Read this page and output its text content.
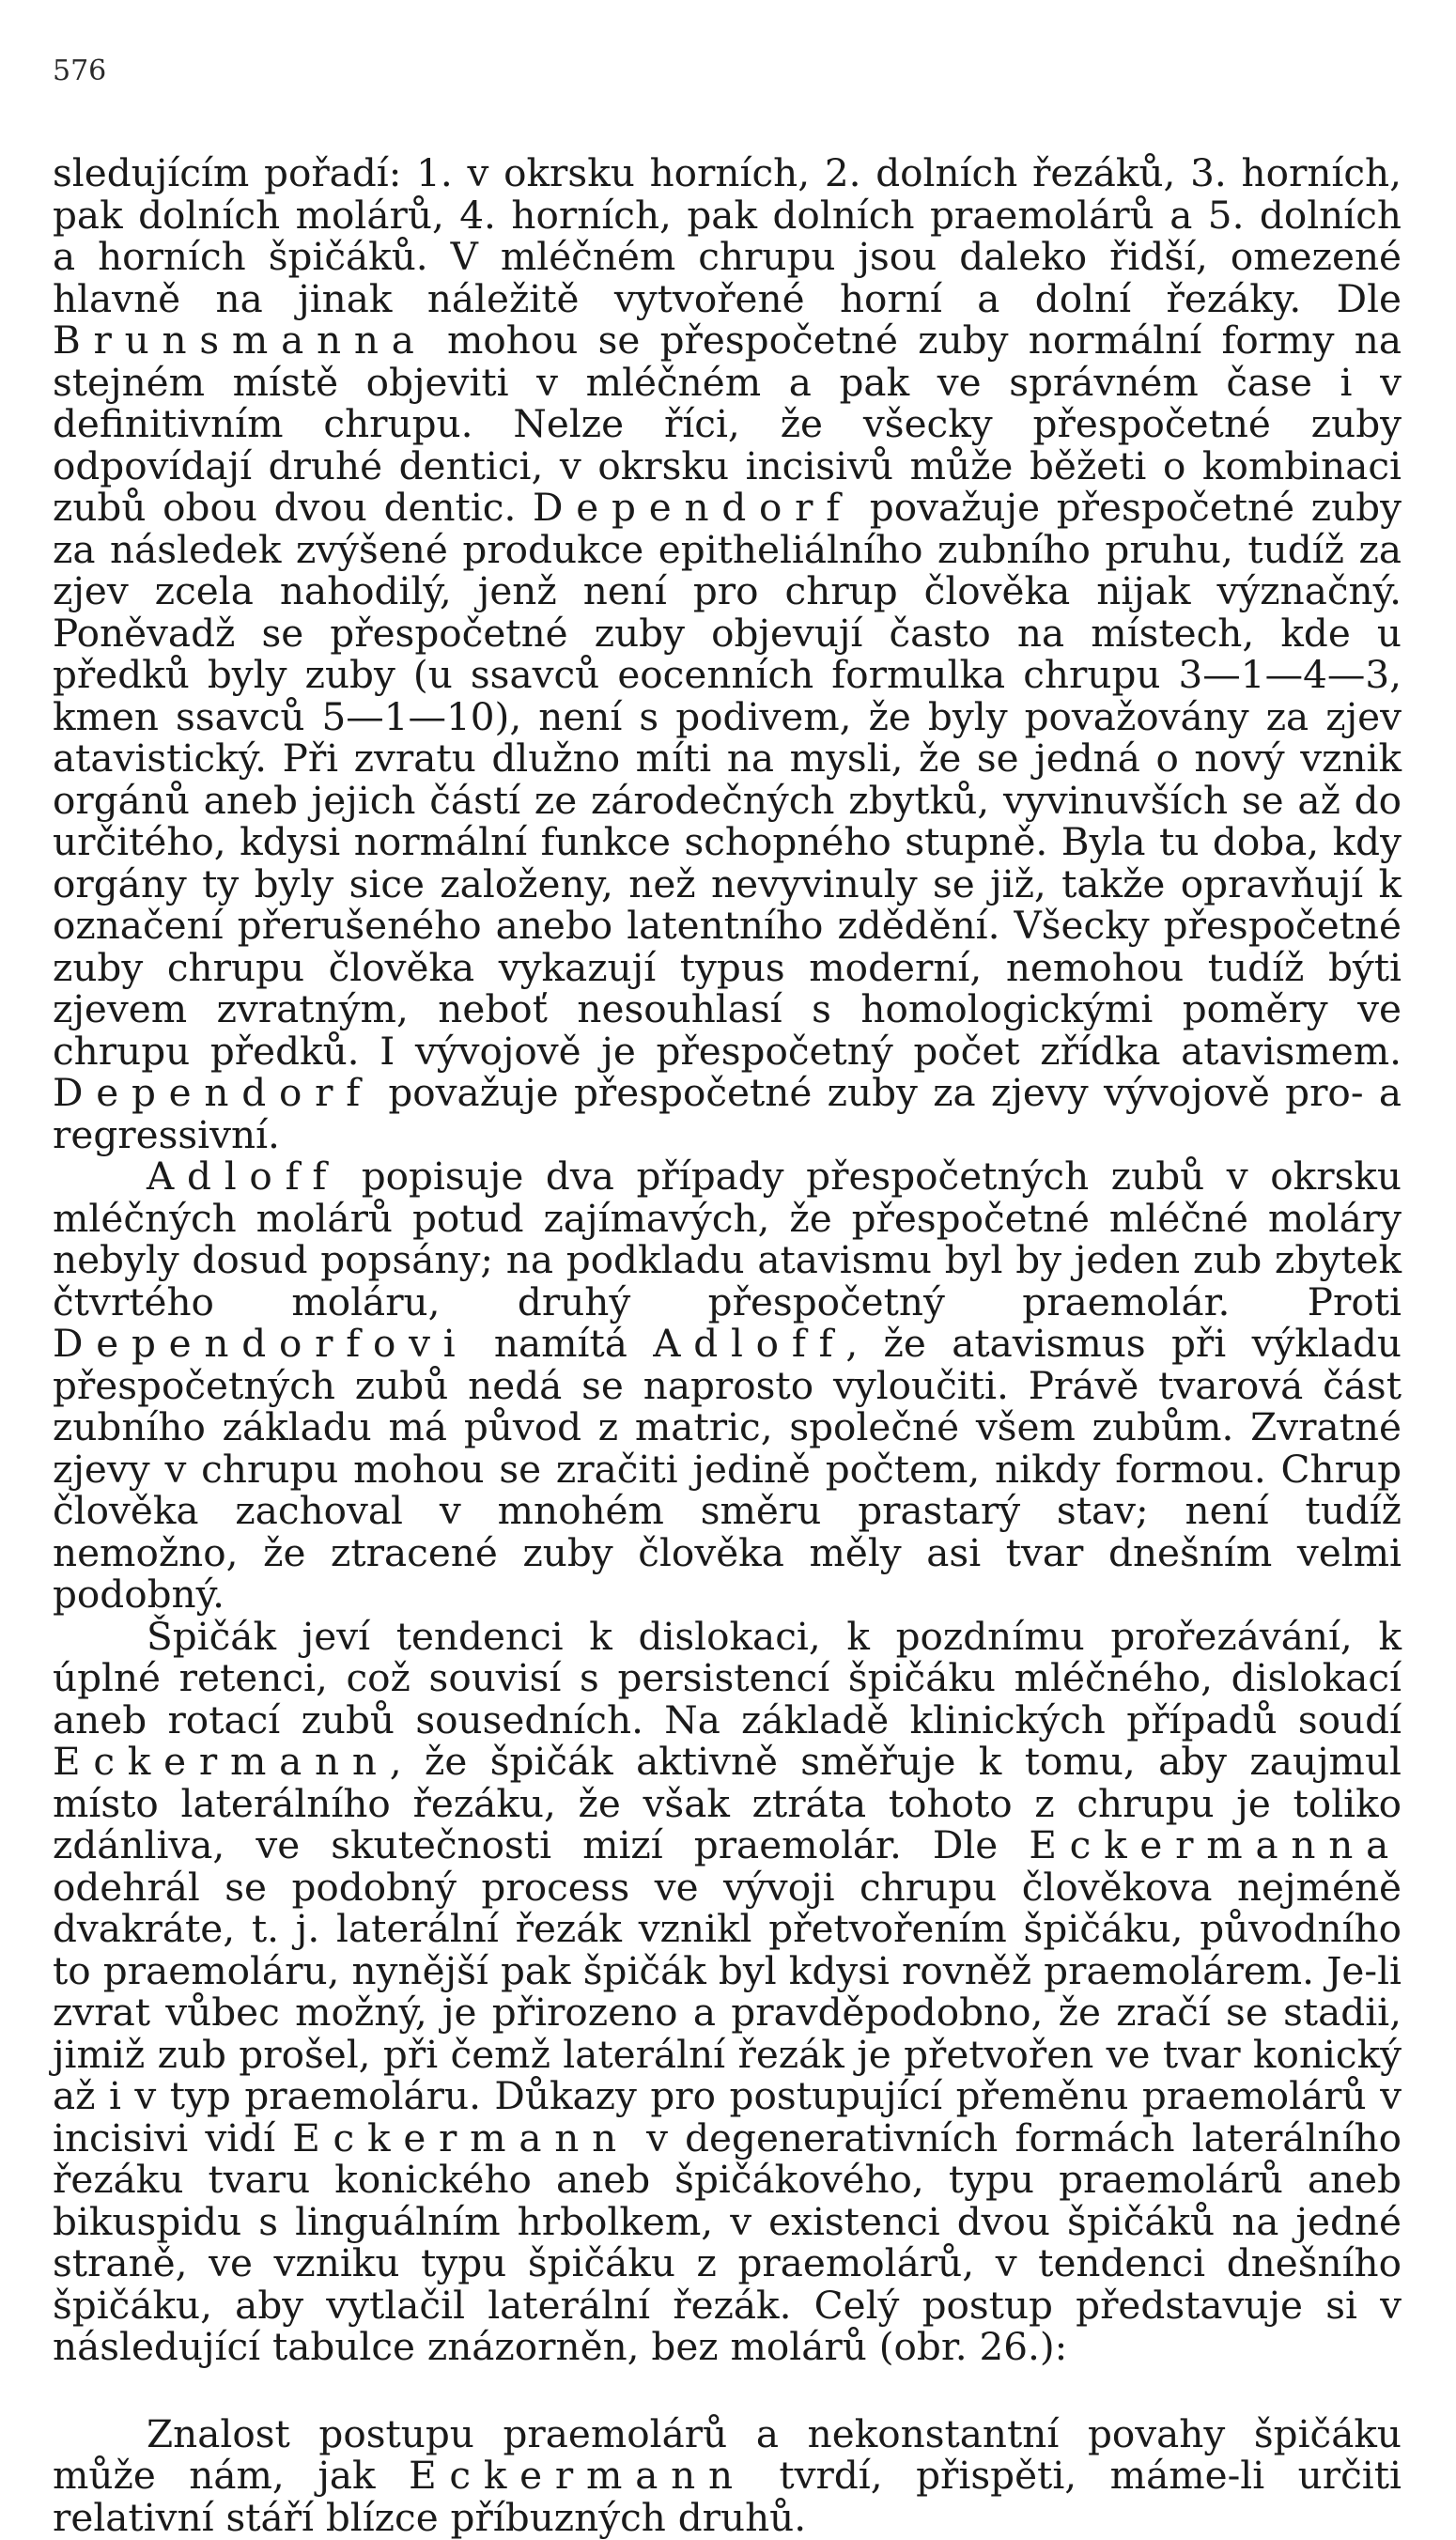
576

sledujícím pořadí: 1. v okrsku horních, 2. dolních řezáků, 3. horních, pak dolních molárů, 4. horních, pak dolních praemolárů a 5. dolních a horních špičáků. V mléčném chrupu jsou daleko řidší, omezené hlavně na jinak náležitě vytvořené horní a dolní řezáky. Dle Brunsmanna mohou se přespočetné zuby normální formy na stejném místě objeviti v mléčném a pak ve správném čase i v definitivním chrupu. Nelze říci, že všecky přespočetné zuby odpovídají druhé dentici, v okrsku incisivů může běžeti o kombinaci zubů obou dvou dentic. Dependorf považuje přespočetné zuby za následek zvýšené produkce epitheliálního zubního pruhu, tudíž za zjev zcela nahodilý, jenž není pro chrup člověka nijak význačný. Poněvadž se přespočetné zuby objevují často na místech, kde u předků byly zuby (u ssavců eocenních formulka chrupu 3—1—4—3, kmen ssavců 5—1—10), není s podivem, že byly považovány za zjev atavistický. Při zvratu dlužno míti na mysli, že se jedná o nový vznik orgánů aneb jejich částí ze zárodečných zbytků, vyvinuvších se až do určitého, kdysi normální funkce schopného stupně. Byla tu doba, kdy orgány ty byly sice založeny, než nevyvinuly se již, takže opravňují k označení přerušeného anebo latentního zdědění. Všecky přespočetné zuby chrupu člověka vykazují typus moderní, nemohou tudíž býti zjevem zvratným, neboť nesouhlasí s homologickými poměry ve chrupu předků. I vývojově je přespočetný počet zřídka atavismem. Dependorf považuje přespočetné zuby za zjevy vývojově pro- a regressivní.

Adloff popisuje dva případy přespočetných zubů v okrsku mléčných molárů potud zajímavých, že přespočetné mléčné moláry nebyly dosud popsány; na podkladu atavismu byl by jeden zub zbytek čtvrtého moláru, druhý přespočetný praemolár. Proti Dependorfovi namítá Adloff, že atavismus při výkladu přespočetných zubů nedá se naprosto vyloučiti. Právě tvarová část zubního základu má původ z matric, společné všem zubům. Zvratné zjevy v chrupu mohou se zračiti jedině počtem, nikdy formou. Chrup člověka zachoval v mnohém směru prastarý stav; není tudíž nemožno, že ztracené zuby člověka měly asi tvar dnešním velmi podobný.

Špičák jeví tendenci k dislokaci, k pozdnímu prořezávání, k úplné retenci, což souvisí s persistencí špičáku mléčného, dislokací aneb rotací zubů sousedních. Na základě klinických případů soudí Eckermann, že špičák aktivně směřuje k tomu, aby zaujmul místo laterálního řezáku, že však ztráta tohoto z chrupu je toliko zdánliva, ve skutečnosti mizí praemolár. Dle Eckermanna odehrál se podobný process ve vývoji chrupu člověkova nejméně dvakráte, t. j. laterální řezák vznikl přetvořením špičáku, původního to praemoláru, nynější pak špičák byl kdysi rovněž praemolárem. Je-li zvrat vůbec možný, je přirozeno a pravděpodobno, že zračí se stadii, jimiž zub prošel, při čemž laterální řezák je přetvořen ve tvar konický až i v typ praemoláru. Důkazy pro postupující přeměnu praemolárů v incisivi vidí Eckermann v degenerativních formách laterálního řezáku tvaru konického aneb špičákového, typu praemolárů aneb bikuspidu s linguálním hrbolkem, v existenci dvou špičáků na jedné straně, ve vzniku typu špičáku z praemolárů, v tendenci dnešního špičáku, aby vytlačil laterální řezák. Celý postup představuje si v následující tabulce znázorněn, bez molárů (obr. 26.):

Znalost postupu praemolárů a nekonstantní povahy špičáku může nám, jak Eckermann tvrdí, přispěti, máme-li určiti relativní stáří blízce příbuzných druhů.
